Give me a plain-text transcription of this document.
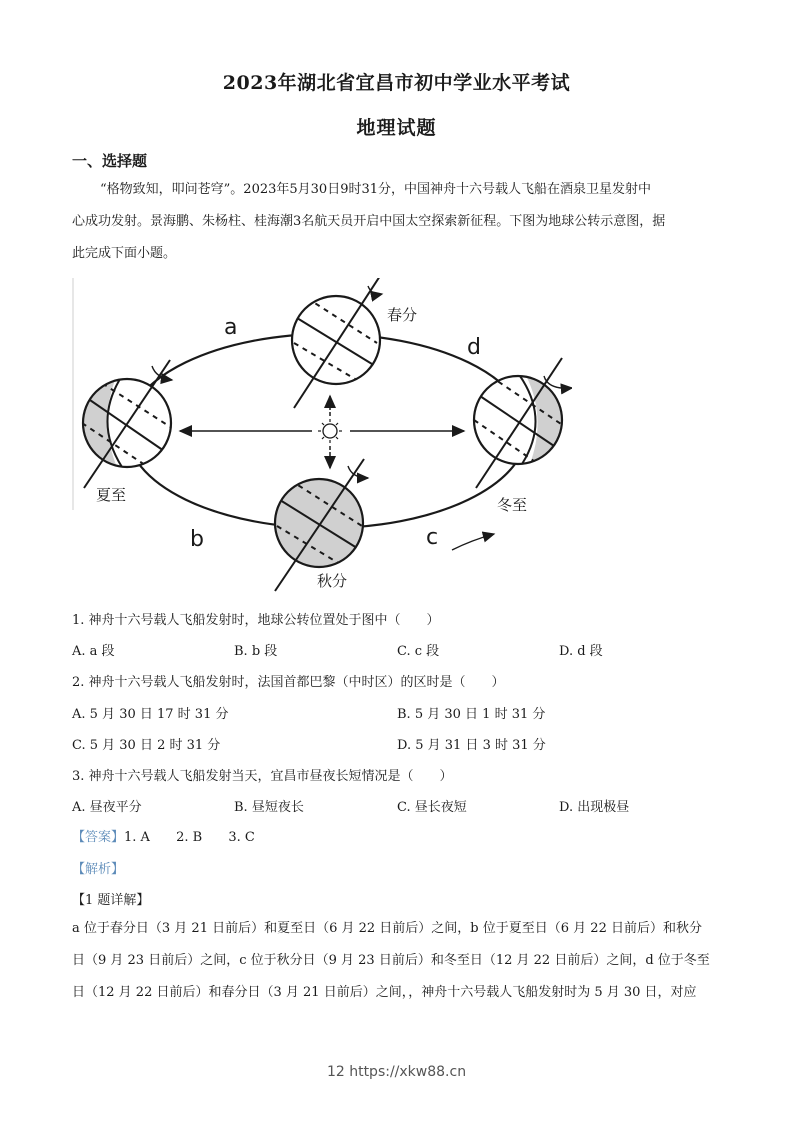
2023年湖北省宜昌市初中学业水平考试
地理试题
一、选择题
“格物致知，叩问苍穹”。2023年5月30日9时31分，中国神舟十六号载人飞船在酒泉卫星发射中
心成功发射。景海鹏、朱杨柱、桂海潮3名航天员开启中国太空探索新征程。下图为地球公转示意图，据
此完成下面小题。
a
b	c
d
春分
夏至
秋分
冬至
1. 神舟十六号载人飞船发射时，地球公转位置处于图中（　　）
A. a 段	B. b 段	C. c 段	D. d 段
2. 神舟十六号载人飞船发射时，法国首都巴黎（中时区）的区时是（　　）
A. 5 月 30 日 17 时 31 分	B. 5 月 30 日 1 时 31 分
C. 5 月 30 日 2 时 31 分	D. 5 月 31 日 3 时 31 分
3. 神舟十六号载人飞船发射当天，宜昌市昼夜长短情况是（　　）
A. 昼夜平分	B. 昼短夜长	C. 昼长夜短	D. 出现极昼
【答案】1. A 2. B 3. C
【解析】
【1 题详解】
a 位于春分日（3 月 21 日前后）和夏至日（6 月 22 日前后）之间，b 位于夏至日（6 月 22 日前后）和秋分
日（9 月 23 日前后）之间，c 位于秋分日（9 月 23 日前后）和冬至日（12 月 22 日前后）之间，d 位于冬至
日（12 月 22 日前后）和春分日（3 月 21 日前后）之间，，神舟十六号载人飞船发射时为 5 月 30 日，对应
12 https://xkw88.cn
